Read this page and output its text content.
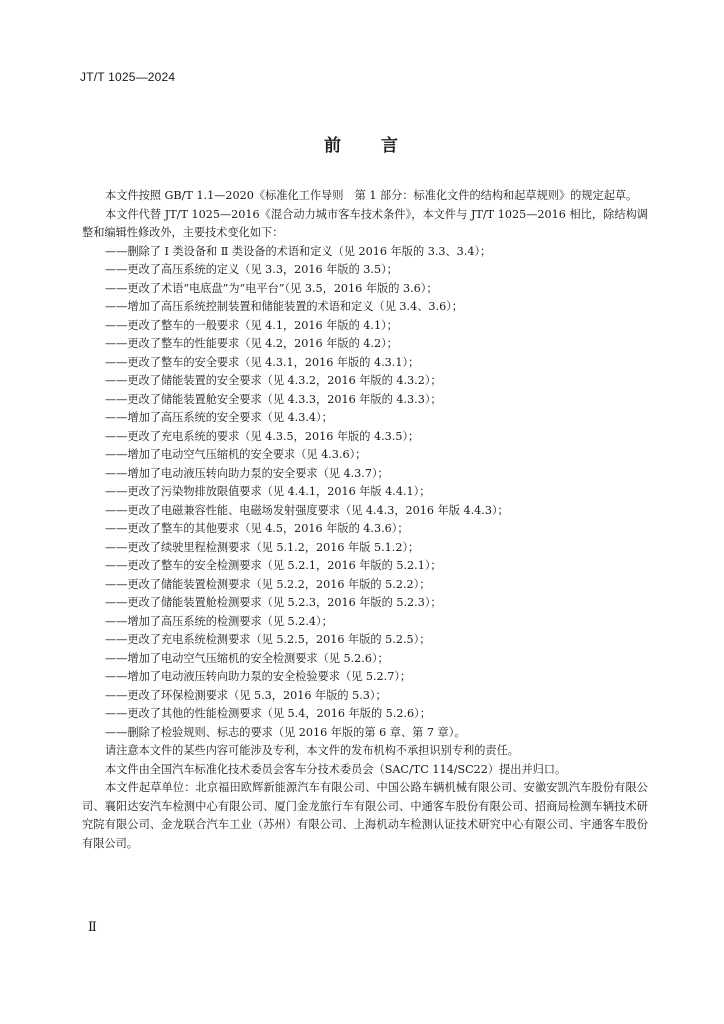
JT/T 1025—2024
前　　言

本文件按照 GB/T 1.1—2020《标准化工作导则　第 1 部分：标准化文件的结构和起草规则》的规定起草。

本文件代替 JT/T 1025—2016《混合动力城市客车技术条件》，本文件与 JT/T 1025—2016 相比，除结构调整和编辑性修改外，主要技术变化如下：

——删除了 Ⅰ 类设备和 Ⅱ 类设备的术语和定义（见 2016 年版的 3.3、3.4）；
——更改了高压系统的定义（见 3.3，2016 年版的 3.5）；
——更改了术语“电底盘”为“电平台”（见 3.5，2016 年版的 3.6）；
——增加了高压系统控制装置和储能装置的术语和定义（见 3.4、3.6）；
——更改了整车的一般要求（见 4.1，2016 年版的 4.1）；
——更改了整车的性能要求（见 4.2，2016 年版的 4.2）；
——更改了整车的安全要求（见 4.3.1，2016 年版的 4.3.1）；
——更改了储能装置的安全要求（见 4.3.2，2016 年版的 4.3.2）；
——更改了储能装置舱安全要求（见 4.3.3，2016 年版的 4.3.3）；
——增加了高压系统的安全要求（见 4.3.4）；
——更改了充电系统的要求（见 4.3.5，2016 年版的 4.3.5）；
——增加了电动空气压缩机的安全要求（见 4.3.6）；
——增加了电动液压转向助力泵的安全要求（见 4.3.7）；
——更改了污染物排放限值要求（见 4.4.1，2016 年版 4.4.1）；
——更改了电磁兼容性能、电磁场发射强度要求（见 4.4.3，2016 年版 4.4.3）；
——更改了整车的其他要求（见 4.5，2016 年版的 4.3.6）；
——更改了续驶里程检测要求（见 5.1.2，2016 年版 5.1.2）；
——更改了整车的安全检测要求（见 5.2.1，2016 年版的 5.2.1）；
——更改了储能装置检测要求（见 5.2.2，2016 年版的 5.2.2）；
——更改了储能装置舱检测要求（见 5.2.3，2016 年版的 5.2.3）；
——增加了高压系统的检测要求（见 5.2.4）；
——更改了充电系统检测要求（见 5.2.5，2016 年版的 5.2.5）；
——增加了电动空气压缩机的安全检测要求（见 5.2.6）；
——增加了电动液压转向助力泵的安全检验要求（见 5.2.7）；
——更改了环保检测要求（见 5.3，2016 年版的 5.3）；
——更改了其他的性能检测要求（见 5.4，2016 年版的 5.2.6）；
——删除了检验规则、标志的要求（见 2016 年版的第 6 章、第 7 章）。

请注意本文件的某些内容可能涉及专利，本文件的发布机构不承担识别专利的责任。

本文件由全国汽车标准化技术委员会客车分技术委员会（SAC/TC 114/SC22）提出并归口。

本文件起草单位：北京福田欧辉新能源汽车有限公司、中国公路车辆机械有限公司、安徽安凯汽车股份有限公司、襄阳达安汽车检测中心有限公司、厦门金龙旅行车有限公司、中通客车股份有限公司、招商局检测车辆技术研究院有限公司、金龙联合汽车工业（苏州）有限公司、上海机动车检测认证技术研究中心有限公司、宇通客车股份有限公司。

Ⅱ
